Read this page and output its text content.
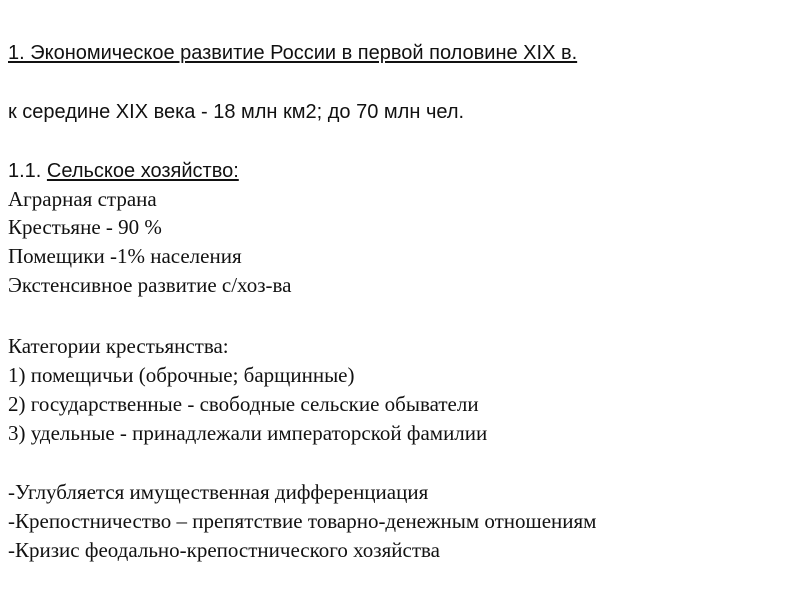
1. Экономическое развитие России в первой половине XIX в.
к середине XIX века - 18 млн км2; до 70 млн чел.
1.1. Сельское хозяйство:
Аграрная страна
Крестьяне - 90 %
Помещики -1% населения
Экстенсивное развитие с/хоз-ва
Категории крестьянства:
1) помещичьи (оброчные; барщинные)
2) государственные - свободные сельские обыватели
3) удельные - принадлежали императорской фамилии
-Углубляется имущественная дифференциация
-Крепостничество – препятствие товарно-денежным отношениям
-Кризис феодально-крепостнического хозяйства
